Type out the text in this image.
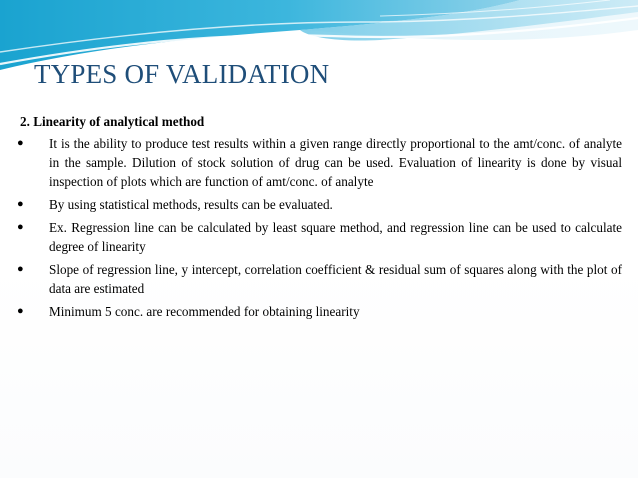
TYPES OF VALIDATION
2. Linearity of analytical method
● It is the ability to produce test results within a given range directly proportional to the amt/conc. of analyte in the sample. Dilution of stock solution of drug can be used. Evaluation of linearity is done by visual inspection of plots which are function of amt/conc. of analyte
● By using statistical methods, results can be evaluated.
● Ex. Regression line can be calculated by least square method, and regression line can be used to calculate degree of linearity
● Slope of regression line, y intercept, correlation coefficient & residual sum of squares along with the plot of data are estimated
● Minimum 5 conc. are recommended for obtaining linearity
